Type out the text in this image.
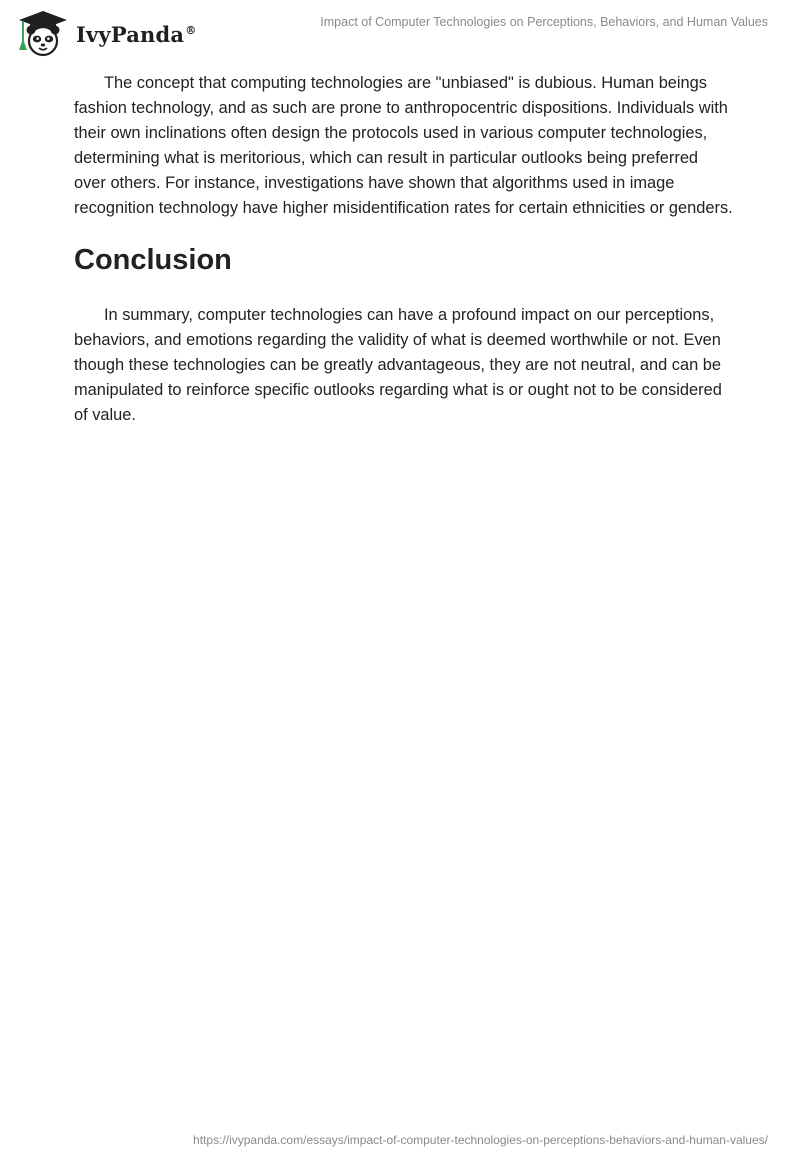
IvyPanda®
Impact of Computer Technologies on Perceptions, Behaviors, and Human Values

The concept that computing technologies are "unbiased" is dubious. Human beings fashion technology, and as such are prone to anthropocentric dispositions. Individuals with their own inclinations often design the protocols used in various computer technologies, determining what is meritorious, which can result in particular outlooks being preferred over others. For instance, investigations have shown that algorithms used in image recognition technology have higher misidentification rates for certain ethnicities or genders.

Conclusion

In summary, computer technologies can have a profound impact on our perceptions, behaviors, and emotions regarding the validity of what is deemed worthwhile or not. Even though these technologies can be greatly advantageous, they are not neutral, and can be manipulated to reinforce specific outlooks regarding what is or ought not to be considered of value.

https://ivypanda.com/essays/impact-of-computer-technologies-on-perceptions-behaviors-and-human-values/
